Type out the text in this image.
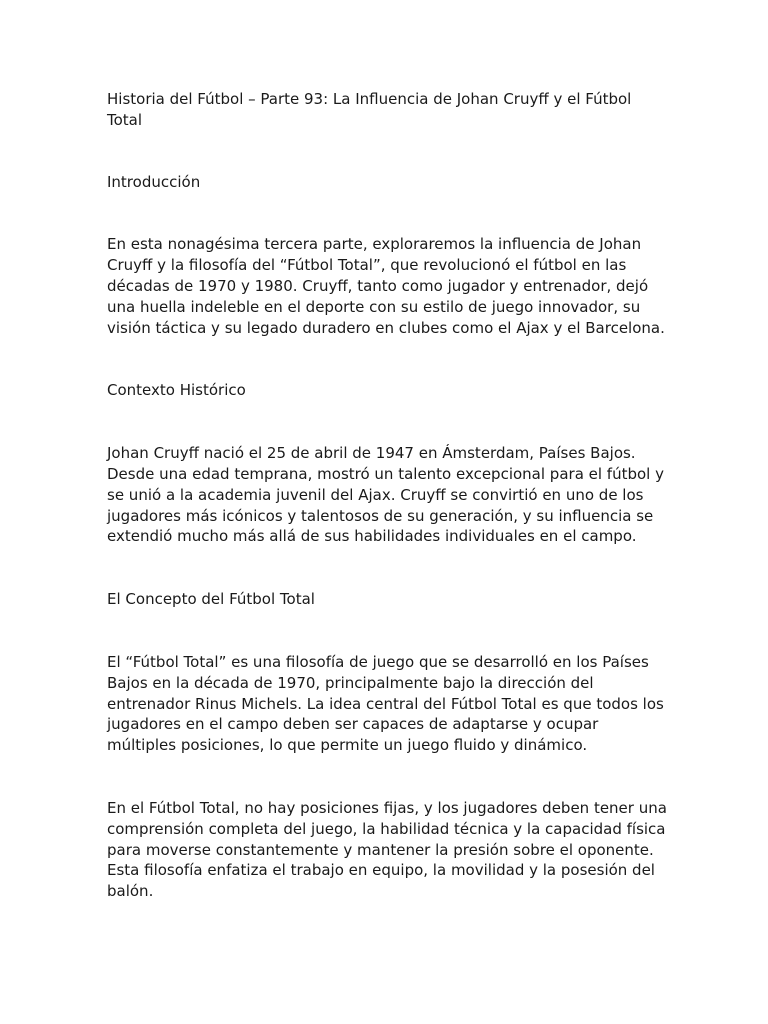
Historia del Fútbol – Parte 93: La Influencia de Johan Cruyff y el Fútbol Total

Introducción

En esta nonagésima tercera parte, exploraremos la influencia de Johan Cruyff y la filosofía del “Fútbol Total”, que revolucionó el fútbol en las décadas de 1970 y 1980. Cruyff, tanto como jugador y entrenador, dejó una huella indeleble en el deporte con su estilo de juego innovador, su visión táctica y su legado duradero en clubes como el Ajax y el Barcelona.

Contexto Histórico

Johan Cruyff nació el 25 de abril de 1947 en Ámsterdam, Países Bajos. Desde una edad temprana, mostró un talento excepcional para el fútbol y se unió a la academia juvenil del Ajax. Cruyff se convirtió en uno de los jugadores más icónicos y talentosos de su generación, y su influencia se extendió mucho más allá de sus habilidades individuales en el campo.

El Concepto del Fútbol Total

El “Fútbol Total” es una filosofía de juego que se desarrolló en los Países Bajos en la década de 1970, principalmente bajo la dirección del entrenador Rinus Michels. La idea central del Fútbol Total es que todos los jugadores en el campo deben ser capaces de adaptarse y ocupar múltiples posiciones, lo que permite un juego fluido y dinámico.

En el Fútbol Total, no hay posiciones fijas, y los jugadores deben tener una comprensión completa del juego, la habilidad técnica y la capacidad física para moverse constantemente y mantener la presión sobre el oponente. Esta filosofía enfatiza el trabajo en equipo, la movilidad y la posesión del balón.
